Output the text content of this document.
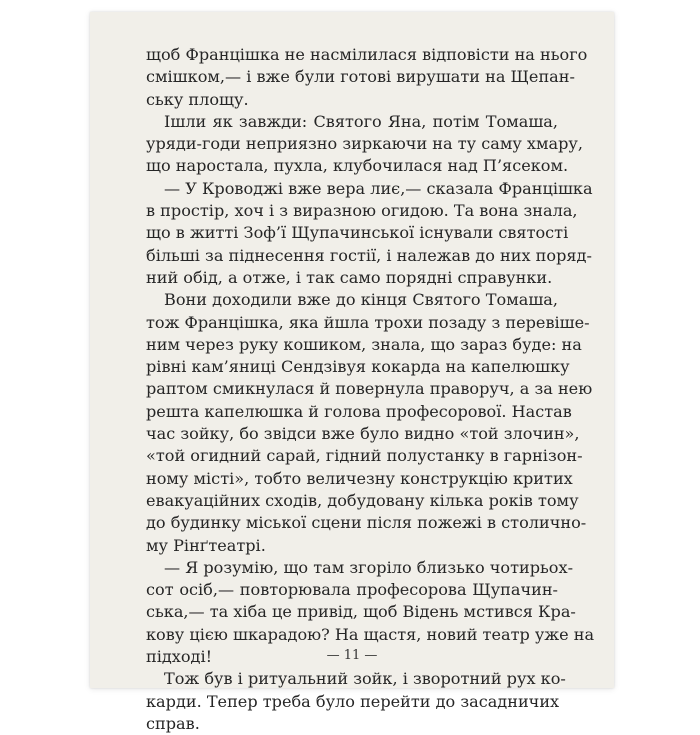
щоб Францішка не насмілилася відповісти на нього
смішком,— і вже були готові вирушати на Щепан-
ську площу.
Ішли як завжди: Святого Яна, потім Томаша,
уряди-годи неприязно зиркаючи на ту саму хмару,
що наростала, пухла, клубочилася над П’ясеком.
— У Кроводжі вже вера лиє,— сказала Францішка
в простір, хоч і з виразною огидою. Та вона знала,
що в житті Зоф’ї Щупачинської існували святості
більші за піднесення гостії, і належав до них поряд-
ний обід, а отже, і так само порядні справунки.
Вони доходили вже до кінця Святого Томаша,
тож Францішка, яка йшла трохи позаду з перевіше-
ним через руку кошиком, знала, що зараз буде: на
рівні кам’яниці Сендзівуя кокарда на капелюшку
раптом смикнулася й повернула праворуч, а за нею
решта капелюшка й голова професорової. Настав
час зойку, бо звідси вже було видно «той злочин»,
«той огидний сарай, гідний полустанку в гарнізон-
ному місті», тобто величезну конструкцію критих
евакуаційних сходів, добудовану кілька років тому
до будинку міської сцени після пожежі в столично-
му Рінґтеатрі.
— Я розумію, що там згоріло близько чотирьох-
сот осіб,— повторювала професорова Щупачин-
ська,— та хіба це привід, щоб Відень мстився Кра-
кову цією шкарадою? На щастя, новий театр уже на
підході!
Тож був і ритуальний зойк, і зворотний рух ко-
карди. Тепер треба було перейти до засадничих
справ.
— 11 —
